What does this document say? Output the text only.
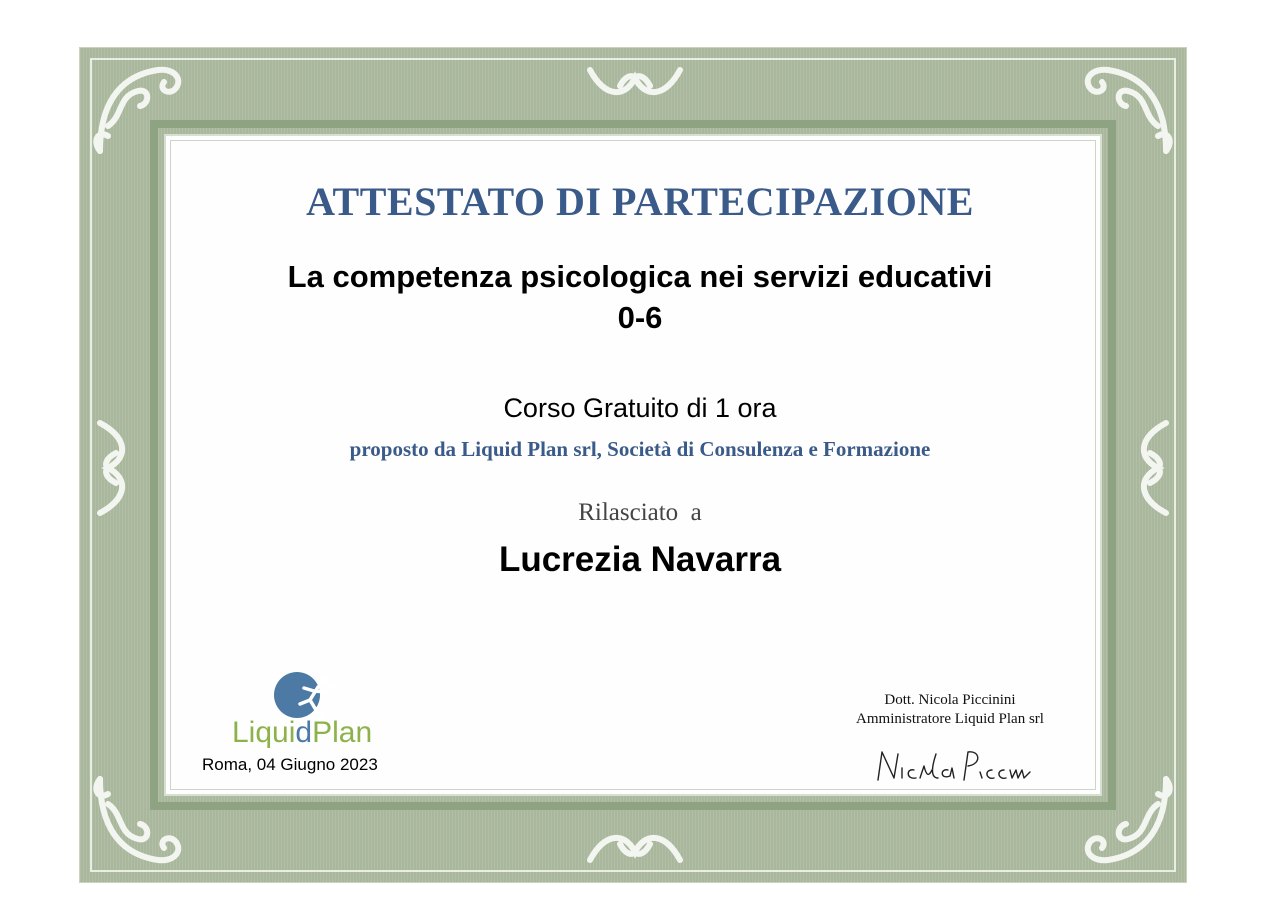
ATTESTATO DI PARTECIPAZIONE
La competenza psicologica nei servizi educativi
0-6
Corso Gratuito di 1 ora
proposto da Liquid Plan srl, Società di Consulenza e Formazione
Rilasciato  a
Lucrezia Navarra
LiquidPlan
Roma, 04 Giugno 2023
Dott. Nicola Piccinini
Amministratore Liquid Plan srl
